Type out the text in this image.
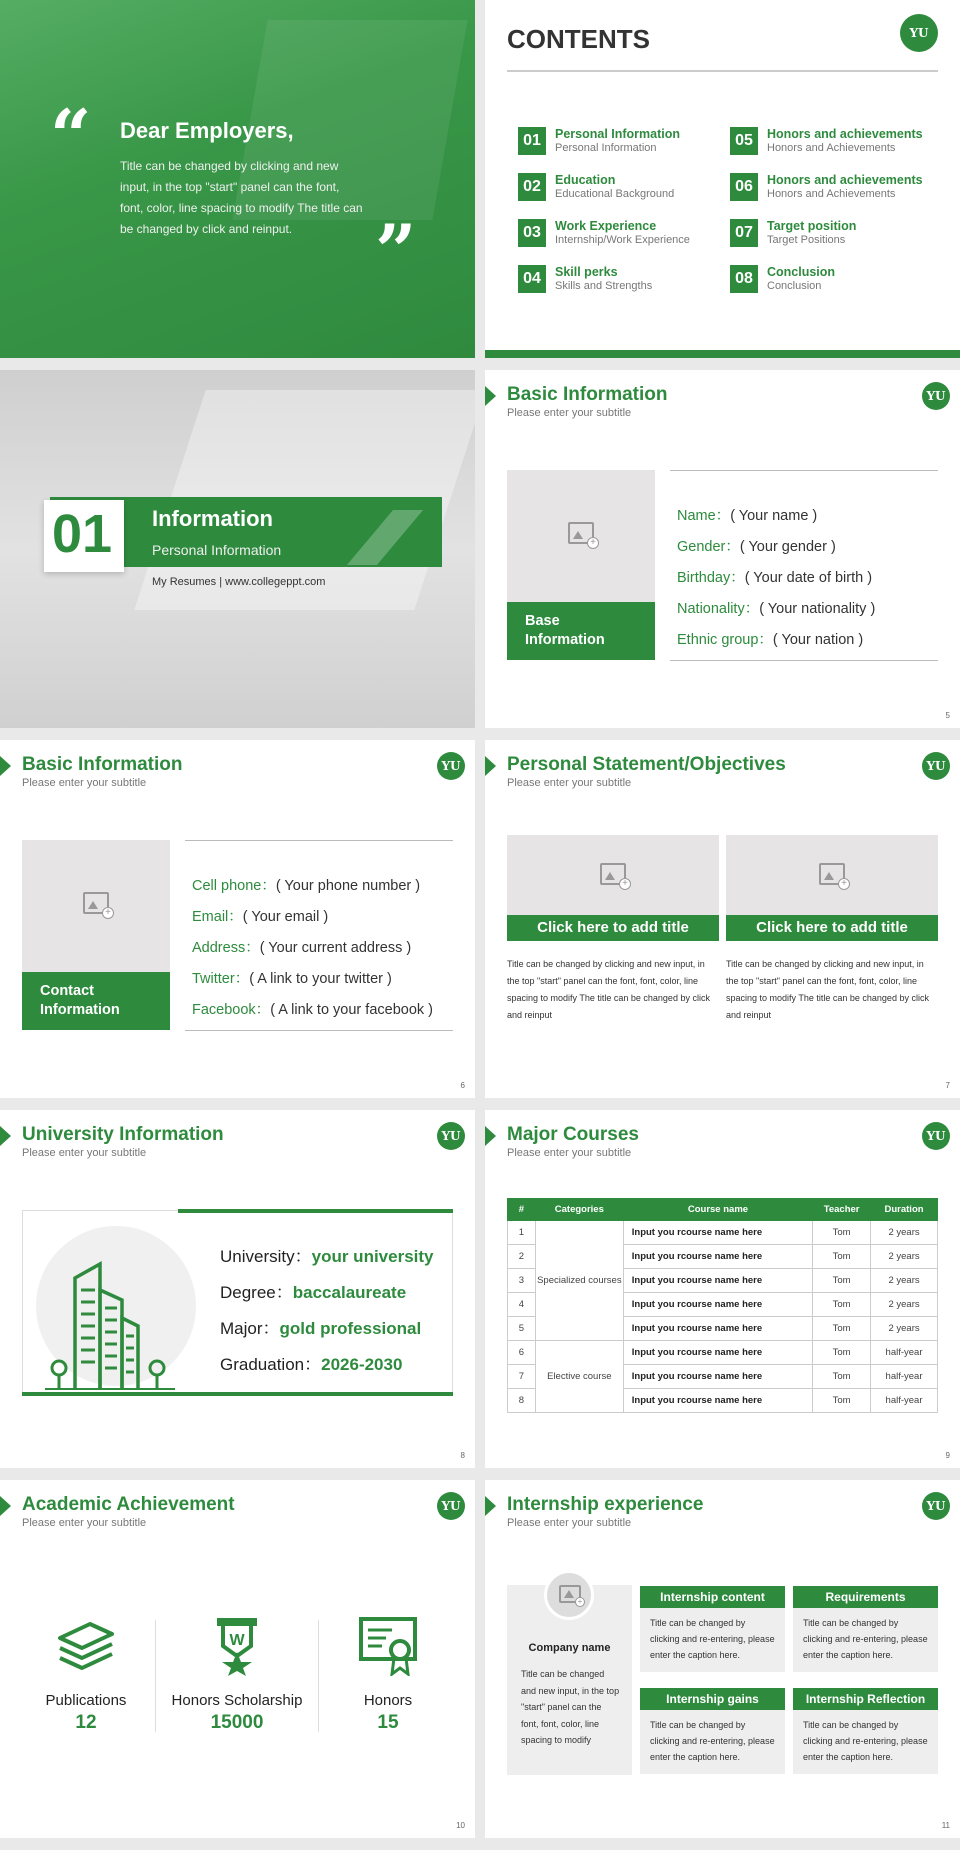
“ Dear Employers,
Title can be changed by clicking and new input, in the top "start" panel can the font, font, color, line spacing to modify The title can be changed by click and reinput.	”
CONTENTS	YU
01	Personal Information
Personal Information
02	Education
Educational Background
03	Work Experience
Internship/Work Experience
04	Skill perks
Skills and Strengths
05	Honors and achievements
Honors and Achievements
06	Honors and achievements
Honors and Achievements
07	Target position
Target Positions
08	Conclusion
Conclusion
01 Information
Personal Information
My Resumes | www.collegeppt.com
Basic Information
Please enter your subtitle
YU
+
Base Information
Name：( Your name )
Gender：( Your gender )
Birthday：( Your date of birth )
Nationality：( Your nationality )
Ethnic group：( Your nation )
5
Basic Information
Please enter your subtitle
YU
+
Contact Information
Cell phone：( Your phone number )
Email：( Your email )
Address：( Your current address )
Twitter：( A link to your twitter )
Facebook：( A link to your facebook )
6
Personal Statement/Objectives
Please enter your subtitle
YU
+
Click here to add title
Title can be changed by clicking and new input, in the top "start" panel can the font, font, color, line spacing to modify The title can be changed by click and reinput
+
Click here to add title
Title can be changed by clicking and new input, in the top "start" panel can the font, font, color, line spacing to modify The title can be changed by click and reinput
7
University Information
Please enter your subtitle
YU
University：your university
Degree：baccalaureate
Major：gold professional
Graduation：2026-2030
8
Major Courses
Please enter your subtitle
YU
#	Categories	Course name	Teacher	Duration
1	Specialized courses	Input you rcourse name here	Tom	2 years
2		Input you rcourse name here	Tom	2 years
3		Input you rcourse name here	Tom	2 years
4		Input you rcourse name here	Tom	2 years
5		Input you rcourse name here	Tom	2 years
6	Elective course	Input you rcourse name here	Tom	half-year
7		Input you rcourse name here	Tom	half-year
8		Input you rcourse name here	Tom	half-year
9
Academic Achievement
Please enter your subtitle
YU
W
Publications
12
Honors Scholarship
15000
Honors
15
10
Internship experience
Please enter your subtitle
YU
+
Company name
Title can be changed and new input, in the top "start" panel can the font, font, color, line spacing to modify
Internship content
Title can be changed by clicking and re-entering, please enter the caption here.
Requirements
Title can be changed by clicking and re-entering, please enter the caption here.
Internship gains
Title can be changed by clicking and re-entering, please enter the caption here.
Internship Reflection
Title can be changed by clicking and re-entering, please enter the caption here.
11
